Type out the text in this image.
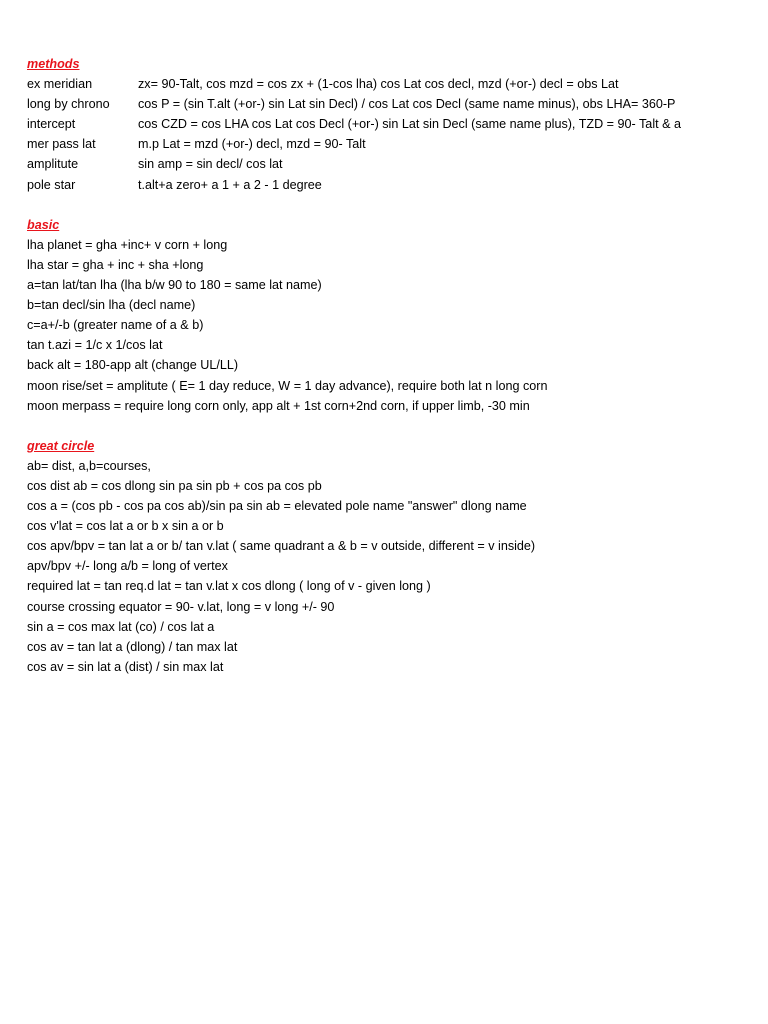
methods
ex meridian	zx= 90-Talt, cos mzd = cos zx + (1-cos lha) cos Lat cos decl, mzd (+or-) decl = obs Lat
long by chrono	cos P = (sin T.alt (+or-) sin Lat sin Decl) / cos Lat cos Decl (same name minus), obs LHA= 360-P
intercept	cos CZD = cos LHA cos Lat cos Decl (+or-) sin Lat sin Decl (same name plus), TZD = 90- Talt & a
mer pass lat	m.p Lat = mzd (+or-) decl, mzd = 90- Talt
amplitute	sin amp = sin decl/ cos lat
pole star	t.alt+a zero+ a 1 + a 2 - 1 degree
basic
lha planet = gha +inc+ v corn + long
lha star = gha + inc + sha +long
a=tan lat/tan lha (lha b/w 90 to 180 = same lat name)
b=tan decl/sin lha (decl name)
c=a+/-b (greater name of a & b)
tan t.azi = 1/c x 1/cos lat
back alt = 180-app alt (change UL/LL)
moon rise/set = amplitute ( E= 1 day reduce, W = 1 day advance), require both lat n long corn
moon merpass = require long corn only, app alt + 1st corn+2nd corn, if upper limb, -30 min
great circle
ab= dist, a,b=courses,
cos dist ab = cos dlong sin pa sin pb + cos pa cos pb
cos a = (cos pb - cos pa cos ab)/sin pa sin ab = elevated pole name "answer" dlong name
cos v'lat = cos lat a or b x sin a or b
cos apv/bpv = tan lat a or b/ tan v.lat ( same quadrant a & b = v outside, different = v inside)
apv/bpv +/- long a/b = long of vertex
required lat = tan req.d lat = tan v.lat x cos dlong ( long of v - given long )
course crossing equator = 90- v.lat, long = v long +/- 90
sin a = cos max lat (co) / cos lat a
cos av = tan lat a (dlong) / tan max lat
cos av = sin lat a (dist) / sin max lat
